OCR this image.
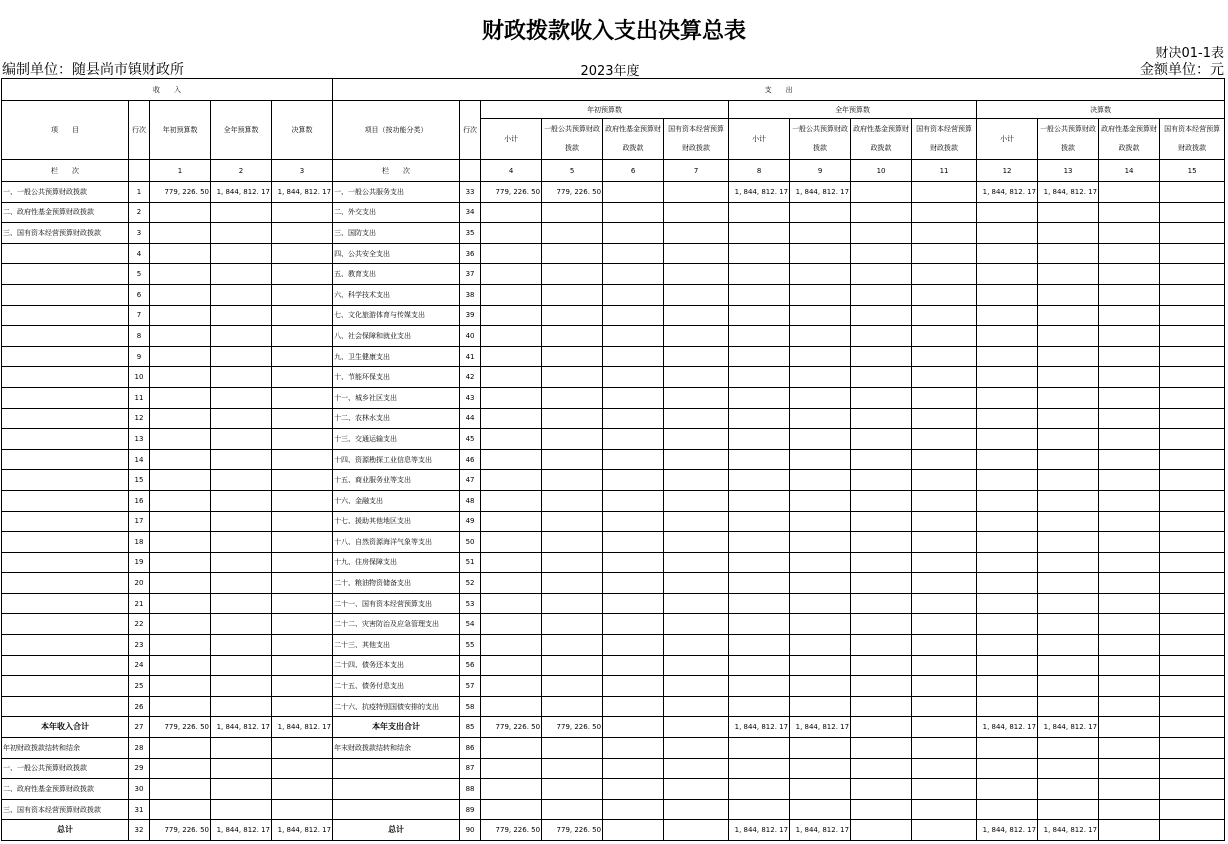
财政拨款收入支出决算总表
财决01-1表
编制单位：随县尚市镇财政所	2023年度	金额单位：元
收　　入					支　　出													
项　　目	行次	年初预算数	全年预算数	决算数	项目（按功能分类）	行次	年初预算数				全年预算数				决算数			
							小计	一般公共预算财政拨款	政府性基金预算财政拨款	国有资本经营预算财政拨款	小计	一般公共预算财政拨款	政府性基金预算财政拨款	国有资本经营预算财政拨款	小计	一般公共预算财政拨款	政府性基金预算财政拨款	国有资本经营预算财政拨款
栏　　次		1	2	3	栏　　次		4	5	6	7	8	9	10	11	12	13	14	15
一、一般公共预算财政拨款	1	779, 226. 50	1, 844, 812. 17	1, 844, 812. 17	一、一般公共服务支出	33	779, 226. 50	779, 226. 50			1, 844, 812. 17	1, 844, 812. 17			1, 844, 812. 17	1, 844, 812. 17		
二、政府性基金预算财政拨款	2				二、外交支出	34												
三、国有资本经营预算财政拨款	3				三、国防支出	35												
	4				四、公共安全支出	36												
	5				五、教育支出	37												
	6				六、科学技术支出	38												
	7				七、文化旅游体育与传媒支出	39												
	8				八、社会保障和就业支出	40												
	9				九、卫生健康支出	41												
	10				十、节能环保支出	42												
	11				十一、城乡社区支出	43												
	12				十二、农林水支出	44												
	13				十三、交通运输支出	45												
	14				十四、资源勘探工业信息等支出	46												
	15				十五、商业服务业等支出	47												
	16				十六、金融支出	48												
	17				十七、援助其他地区支出	49												
	18				十八、自然资源海洋气象等支出	50												
	19				十九、住房保障支出	51												
	20				二十、粮油物资储备支出	52												
	21				二十一、国有资本经营预算支出	53												
	22				二十二、灾害防治及应急管理支出	54												
	23				二十三、其他支出	55												
	24				二十四、债务还本支出	56												
	25				二十五、债务付息支出	57												
	26				二十六、抗疫特别国债安排的支出	58												
本年收入合计	27	779, 226. 50	1, 844, 812. 17	1, 844, 812. 17	本年支出合计	85	779, 226. 50	779, 226. 50			1, 844, 812. 17	1, 844, 812. 17			1, 844, 812. 17	1, 844, 812. 17		
年初财政拨款结转和结余	28				年末财政拨款结转和结余	86												
一、一般公共预算财政拨款	29					87												
二、政府性基金预算财政拨款	30					88												
三、国有资本经营预算财政拨款	31					89												
总计	32	779, 226. 50	1, 844, 812. 17	1, 844, 812. 17	总计	90	779, 226. 50	779, 226. 50			1, 844, 812. 17	1, 844, 812. 17			1, 844, 812. 17	1, 844, 812. 17		
